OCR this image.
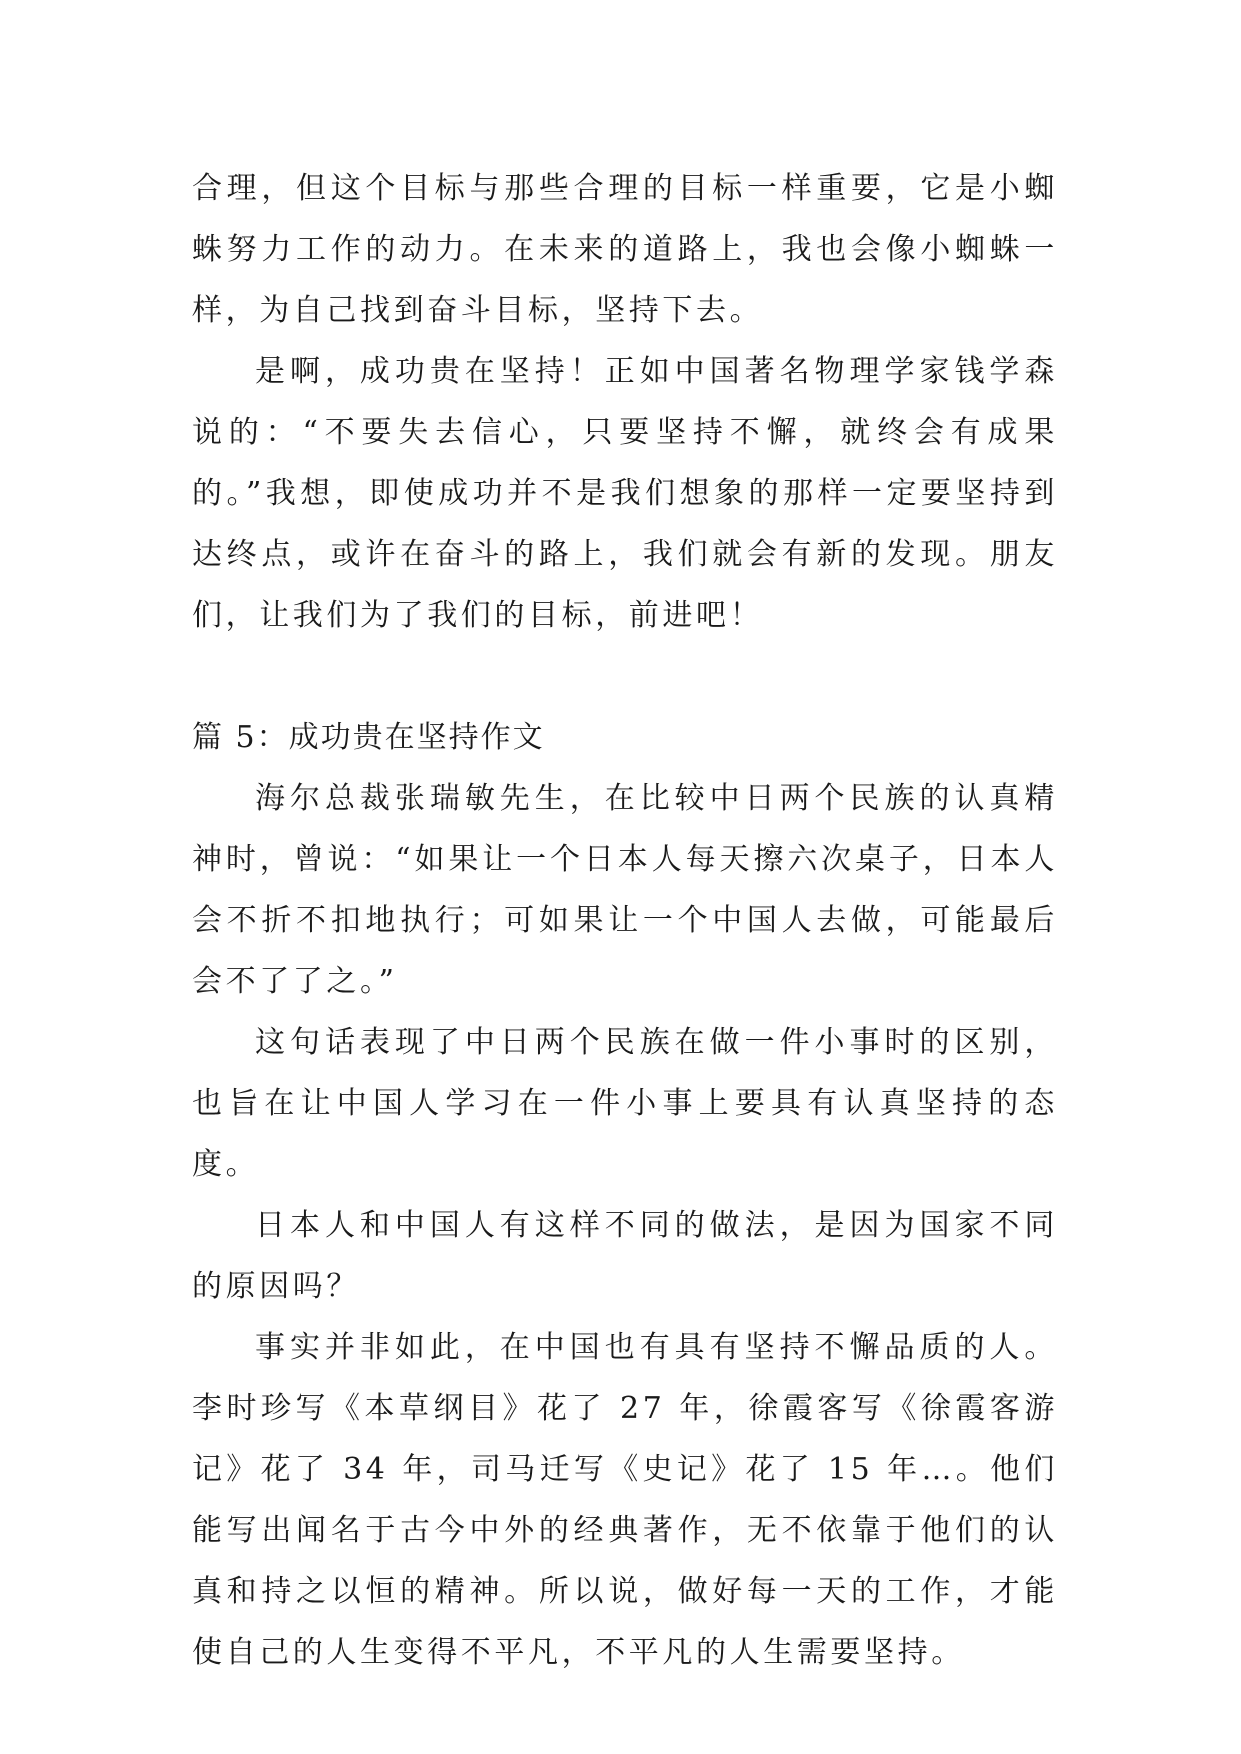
合理，但这个目标与那些合理的目标一样重要，它是小蜘蛛努力工作的动力。在未来的道路上，我也会像小蜘蛛一样，为自己找到奋斗目标，坚持下去。

是啊，成功贵在坚持！正如中国著名物理学家钱学森说的：“不要失去信心，只要坚持不懈，就终会有成果的。”我想，即使成功并不是我们想象的那样一定要坚持到达终点，或许在奋斗的路上，我们就会有新的发现。朋友们，让我们为了我们的目标，前进吧！

篇 5：成功贵在坚持作文

海尔总裁张瑞敏先生，在比较中日两个民族的认真精神时，曾说：“如果让一个日本人每天擦六次桌子，日本人会不折不扣地执行；可如果让一个中国人去做，可能最后会不了了之。”

这句话表现了中日两个民族在做一件小事时的区别，也旨在让中国人学习在一件小事上要具有认真坚持的态度。

日本人和中国人有这样不同的做法，是因为国家不同的原因吗？

事实并非如此，在中国也有具有坚持不懈品质的人。李时珍写《本草纲目》花了 27 年，徐霞客写《徐霞客游记》花了 34 年，司马迁写《史记》花了 15 年…。他们能写出闻名于古今中外的经典著作，无不依靠于他们的认真和持之以恒的精神。所以说，做好每一天的工作，才能使自己的人生变得不平凡，不平凡的人生需要坚持。
